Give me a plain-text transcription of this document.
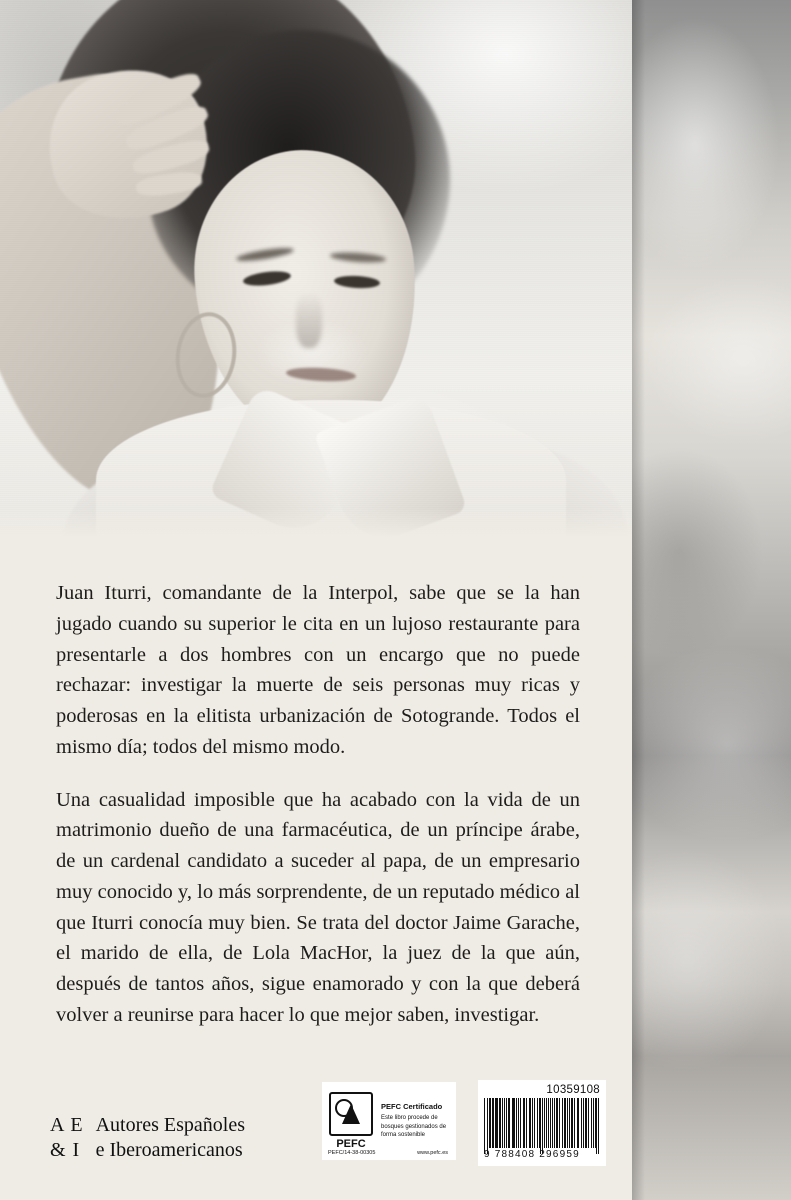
Juan Iturri, comandante de la Interpol, sabe que se la han jugado cuando su superior le cita en un lujoso restaurante para presentarle a dos hombres con un encargo que no puede rechazar: investigar la muerte de seis personas muy ricas y poderosas en la elitista urbanización de Sotogrande. Todos el mismo día; todos del mismo modo.

Una casualidad imposible que ha acabado con la vida de un matrimonio dueño de una farmacéutica, de un príncipe árabe, de un cardenal candidato a suceder al papa, de un empresario muy conocido y, lo más sorprendente, de un reputado médico al que Iturri conocía muy bien. Se trata del doctor Jaime Garache, el marido de ella, de Lola MacHor, la juez de la que aún, después de tantos años, sigue enamorado y con la que deberá volver a reunirse para hacer lo que mejor saben, investigar.

A E
& I
Autores Españoles
e Iberoamericanos	PEFC
PEFC Certificado
Este libro procede de bosques gestionados de forma sostenible
PEFC/14-38-00305	www.pefc.es
10359108
9 788408 296959
